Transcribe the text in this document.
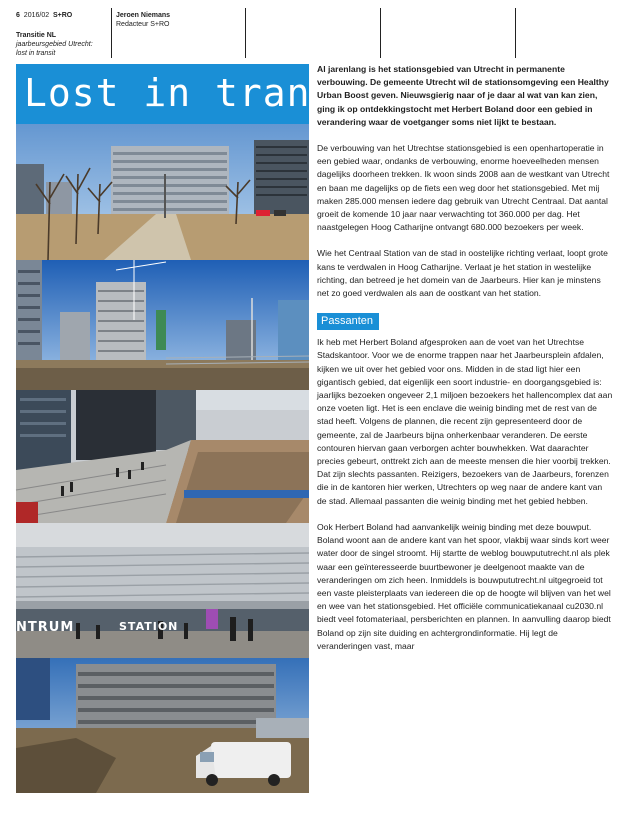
6 2016/02 S+RO
Transitie NL
jaarbeursgebied Utrecht:
lost in transit
Jeroen Niemans
Redacteur S+RO
NTRUM	STATION
Lost in transit

Al jarenlang is het stationsgebied van Utrecht in permanente verbouwing. De gemeente Utrecht wil de stationsomgeving een Healthy Urban Boost geven. Nieuwsgierig naar of je daar al wat van kan zien, ging ik op ontdekkingstocht met Herbert Boland door een gebied in verandering waar de voetganger soms niet lijkt te bestaan.

De verbouwing van het Utrechtse stationsgebied is een openhartoperatie in een gebied waar, ondanks de verbouwing, enorme hoeveelheden mensen dagelijks doorheen trekken. Ik woon sinds 2008 aan de westkant van Utrecht en baan me dagelijks op de fiets een weg door het stationsgebied. Met mij maken 285.000 mensen iedere dag gebruik van Utrecht Centraal. Dat aantal groeit de komende 10 jaar naar verwachting tot 360.000 per dag. Het naastgelegen Hoog Catharijne ontvangt 680.000 bezoekers per week.

Wie het Centraal Station van de stad in oostelijke richting verlaat, loopt grote kans te verdwalen in Hoog Catharijne. Verlaat je het station in westelijke richting, dan betreed je het domein van de Jaarbeurs. Hier kan je minstens net zo goed verdwalen als aan de oostkant van het station.

Passanten

Ik heb met Herbert Boland afgesproken aan de voet van het Utrechtse Stadskantoor. Voor we de enorme trappen naar het Jaarbeursplein afdalen, kijken we uit over het gebied voor ons. Midden in de stad ligt hier een gigantisch gebied, dat eigenlijk een soort industrie- en doorgangsgebied is: jaarlijks bezoeken ongeveer 2,1 miljoen bezoekers het hallencomplex dat aan onze voeten ligt. Het is een enclave die weinig binding met de rest van de stad heeft. Volgens de plannen, die recent zijn gepresenteerd door de gemeente, zal de Jaarbeurs bijna onherkenbaar veranderen. De eerste contouren hiervan gaan verborgen achter bouwhekken. Wat daarachter precies gebeurt, onttrekt zich aan de meeste mensen die hier voorbij trekken. Dat zijn slechts passanten. Reizigers, bezoekers van de Jaarbeurs, forenzen die in de kantoren hier werken, Utrechters op weg naar de andere kant van de stad. Allemaal passanten die weinig binding met het gebied hebben.

Ook Herbert Boland had aanvankelijk weinig binding met deze bouwput. Boland woont aan de andere kant van het spoor, vlakbij waar sinds kort weer water door de singel stroomt. Hij startte de weblog bouwpututrecht.nl als plek waar een geïnteresseerde buurtbewoner je deelgenoot maakte van de veranderingen om zich heen. Inmiddels is bouwpututrecht.nl uitgegroeid tot een vaste pleisterplaats van iedereen die op de hoogte wil blijven van het wel en wee van het stationsgebied. Het officiële communicatiekanaal cu2030.nl biedt veel fotomateriaal, persberichten en plannen. In aanvulling daarop biedt Boland op zijn site duiding en achtergrondinformatie. Hij legt de veranderingen vast, maar
